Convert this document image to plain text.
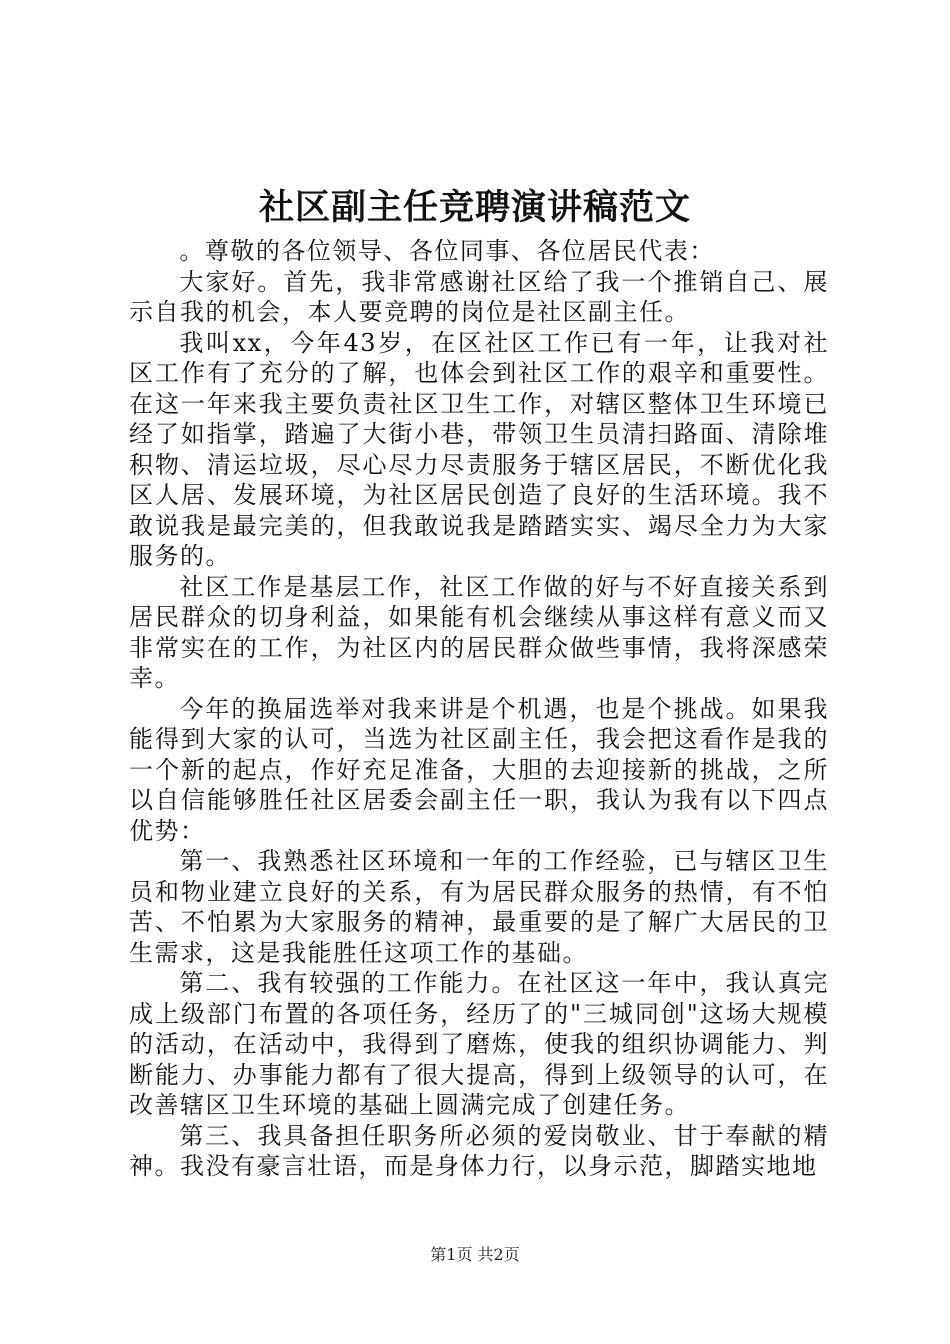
社区副主任竞聘演讲稿范文

。尊敬的各位领导、各位同事、各位居民代表：

大家好。首先，我非常感谢社区给了我一个推销自己、展示自我的机会，本人要竞聘的岗位是社区副主任。

我叫xx，今年43岁，在区社区工作已有一年，让我对社区工作有了充分的了解，也体会到社区工作的艰辛和重要性。在这一年来我主要负责社区卫生工作，对辖区整体卫生环境已经了如指掌，踏遍了大街小巷，带领卫生员清扫路面、清除堆积物、清运垃圾，尽心尽力尽责服务于辖区居民，不断优化我区人居、发展环境，为社区居民创造了良好的生活环境。我不敢说我是最完美的，但我敢说我是踏踏实实、竭尽全力为大家服务的。

社区工作是基层工作，社区工作做的好与不好直接关系到居民群众的切身利益，如果能有机会继续从事这样有意义而又非常实在的工作，为社区内的居民群众做些事情，我将深感荣幸。

今年的换届选举对我来讲是个机遇，也是个挑战。如果我能得到大家的认可，当选为社区副主任，我会把这看作是我的一个新的起点，作好充足准备，大胆的去迎接新的挑战，之所以自信能够胜任社区居委会副主任一职，我认为我有以下四点优势：

第一、我熟悉社区环境和一年的工作经验，已与辖区卫生员和物业建立良好的关系，有为居民群众服务的热情，有不怕苦、不怕累为大家服务的精神，最重要的是了解广大居民的卫生需求，这是我能胜任这项工作的基础。

第二、我有较强的工作能力。在社区这一年中，我认真完成上级部门布置的各项任务，经历了的"三城同创"这场大规模的活动，在活动中，我得到了磨炼，使我的组织协调能力、判断能力、办事能力都有了很大提高，得到上级领导的认可，在改善辖区卫生环境的基础上圆满完成了创建任务。

第三、我具备担任职务所必须的爱岗敬业、甘于奉献的精神。我没有豪言壮语，而是身体力行，以身示范，脚踏实地地

第1页 共2页
